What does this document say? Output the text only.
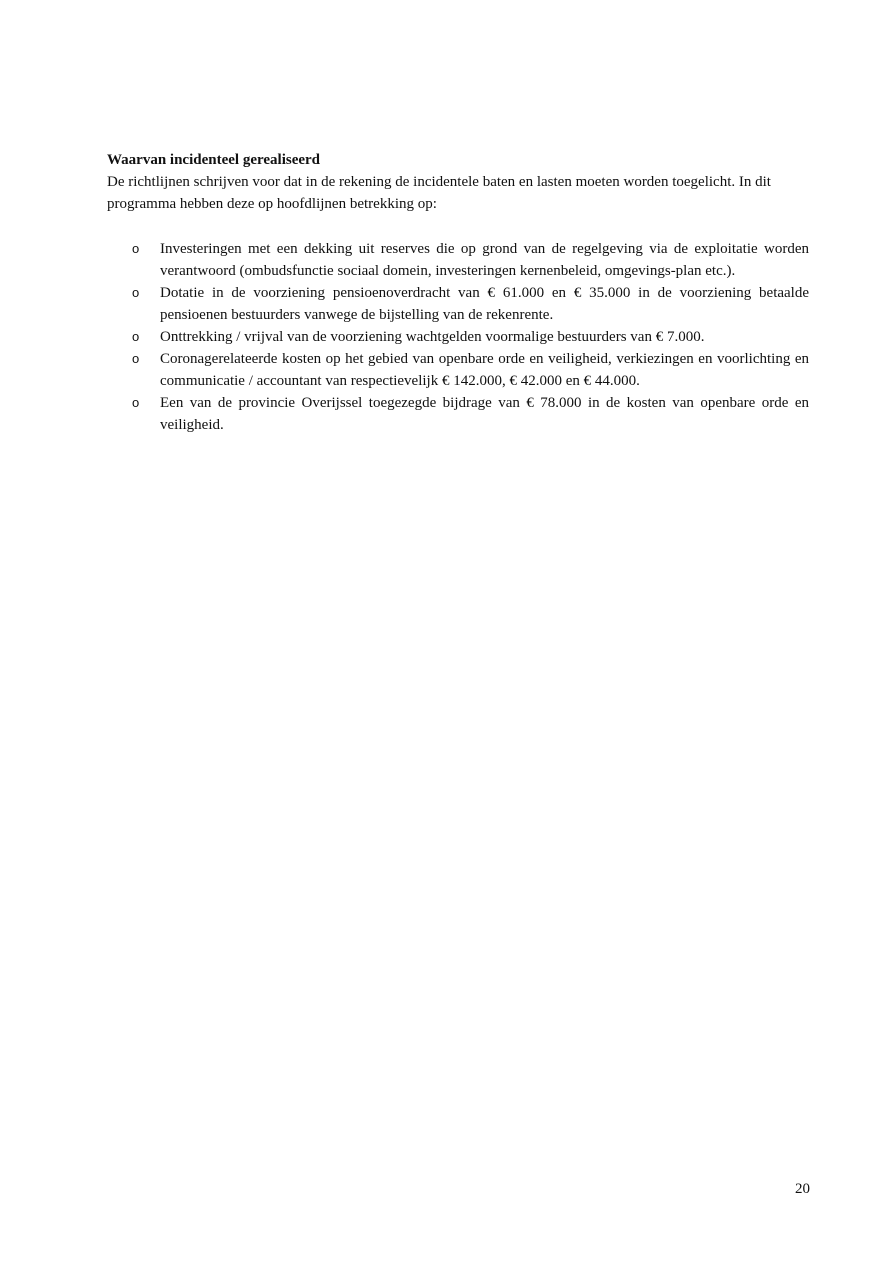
Waarvan incidenteel gerealiseerd

De richtlijnen schrijven voor dat in de rekening de incidentele baten en lasten moeten worden toegelicht. In dit programma hebben deze op hoofdlijnen betrekking op:

o Investeringen met een dekking uit reserves die op grond van de regelgeving via de exploitatie worden verantwoord (ombudsfunctie sociaal domein, investeringen kernenbeleid, omgevings-plan etc.).
o Dotatie in de voorziening pensioenoverdracht van € 61.000 en € 35.000 in de voorziening betaalde pensioenen bestuurders vanwege de bijstelling van de rekenrente.
o Onttrekking / vrijval van de voorziening wachtgelden voormalige bestuurders van € 7.000.
o Coronagerelateerde kosten op het gebied van openbare orde en veiligheid, verkiezingen en voorlichting en communicatie / accountant van respectievelijk € 142.000, € 42.000 en € 44.000.
o Een van de provincie Overijssel toegezegde bijdrage van € 78.000 in de kosten van openbare orde en veiligheid.
20
